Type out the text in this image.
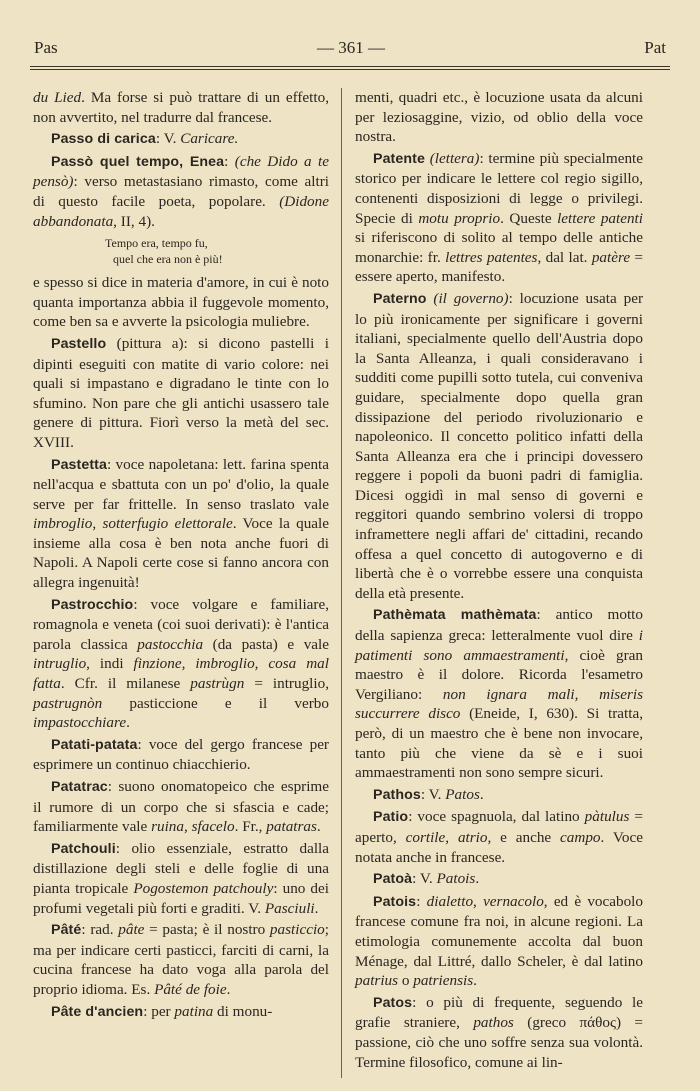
Pas	— 361 —	Pat

du Lied. Ma forse si può trattare di un effetto, non avvertito, nel tradurre dal francese.

Passo di carica: V. Caricare.

Passò quel tempo, Enea: (che Dido a te pensò): verso metastasiano rimasto, come altri di questo facile poeta, popolare. (Didone abbandonata, II, 4).

Tempo era, tempo fu,
quel che era non è più!

e spesso si dice in materia d'amore, in cui è noto quanta importanza abbia il fuggevole momento, come ben sa e avverte la psicologia muliebre.

Pastello (pittura a): si dicono pastelli i dipinti eseguiti con matite di vario colore: nei quali si impastano e digradano le tinte con lo sfumino. Non pare che gli antichi usassero tale genere di pittura. Fiorì verso la metà del sec. XVIII.

Pastetta: voce napoletana: lett. farina spenta nell'acqua e sbattuta con un po' d'olio, la quale serve per far frittelle. In senso traslato vale imbroglio, sotterfugio elettorale. Voce la quale insieme alla cosa è ben nota anche fuori di Napoli. A Napoli certe cose si fanno ancora con allegra ingenuità!

Pastrocchio: voce volgare e familiare, romagnola e veneta (coi suoi derivati): è l'antica parola classica pastocchia (da pasta) e vale intruglio, indi finzione, imbroglio, cosa mal fatta. Cfr. il milanese pastrùgn = intruglio, pastrugnòn pasticcione e il verbo impastocchiare.

Patati-patata: voce del gergo francese per esprimere un continuo chiacchierio.

Patatrac: suono onomatopeico che esprime il rumore di un corpo che si sfascia e cade; familiarmente vale ruina, sfacelo. Fr., patatras.

Patchouli: olio essenziale, estratto dalla distillazione degli steli e delle foglie di una pianta tropicale Pogostemon patchouly: uno dei profumi vegetali più forti e graditi. V. Pasciuli.

Pâté: rad. pâte = pasta; è il nostro pasticcio; ma per indicare certi pasticci, farciti di carni, la cucina francese ha dato voga alla parola del proprio idioma. Es. Pâté de foie.

Pâte d'ancien: per patina di monu-

menti, quadri etc., è locuzione usata da alcuni per leziosaggine, vizio, od oblio della voce nostra.

Patente (lettera): termine più specialmente storico per indicare le lettere col regio sigillo, contenenti disposizioni di legge o privilegi. Specie di motu proprio. Queste lettere patenti si riferiscono di solito al tempo delle antiche monarchie: fr. lettres patentes, dal lat. patère = essere aperto, manifesto.

Paterno (il governo): locuzione usata per lo più ironicamente per significare i governi italiani, specialmente quello dell'Austria dopo la Santa Alleanza, i quali consideravano i sudditi come pupilli sotto tutela, cui conveniva guidare, specialmente dopo quella gran dissipazione del periodo rivoluzionario e napoleonico. Il concetto politico infatti della Santa Alleanza era che i principi dovessero reggere i popoli da buoni padri di famiglia. Dicesi oggidì in mal senso di governi e reggitori quando sembrino volersi di troppo inframettere negli affari de' cittadini, recando offesa a quel concetto di autogoverno e di libertà che è o vorrebbe essere una conquista della età presente.

Pathèmata mathèmata: antico motto della sapienza greca: letteralmente vuol dire i patimenti sono ammaestramenti, cioè gran maestro è il dolore. Ricorda l'esametro Vergiliano: non ignara mali, miseris succurrere disco (Eneide, I, 630). Si tratta, però, di un maestro che è bene non invocare, tanto più che viene da sè e i suoi ammaestramenti non sono sempre sicuri.

Pathos: V. Patos.

Patio: voce spagnuola, dal latino pàtulus = aperto, cortile, atrio, e anche campo. Voce notata anche in francese.

Patoà: V. Patois.

Patois: dialetto, vernacolo, ed è vocabolo francese comune fra noi, in alcune regioni. La etimologia comunemente accolta dal buon Ménage, dal Littré, dallo Scheler, è dal latino patrius o patriensis.

Patos: o più di frequente, seguendo le grafie straniere, pathos (greco πάθος) = passione, ciò che uno soffre senza sua volontà. Termine filosofico, comune ai lin-
